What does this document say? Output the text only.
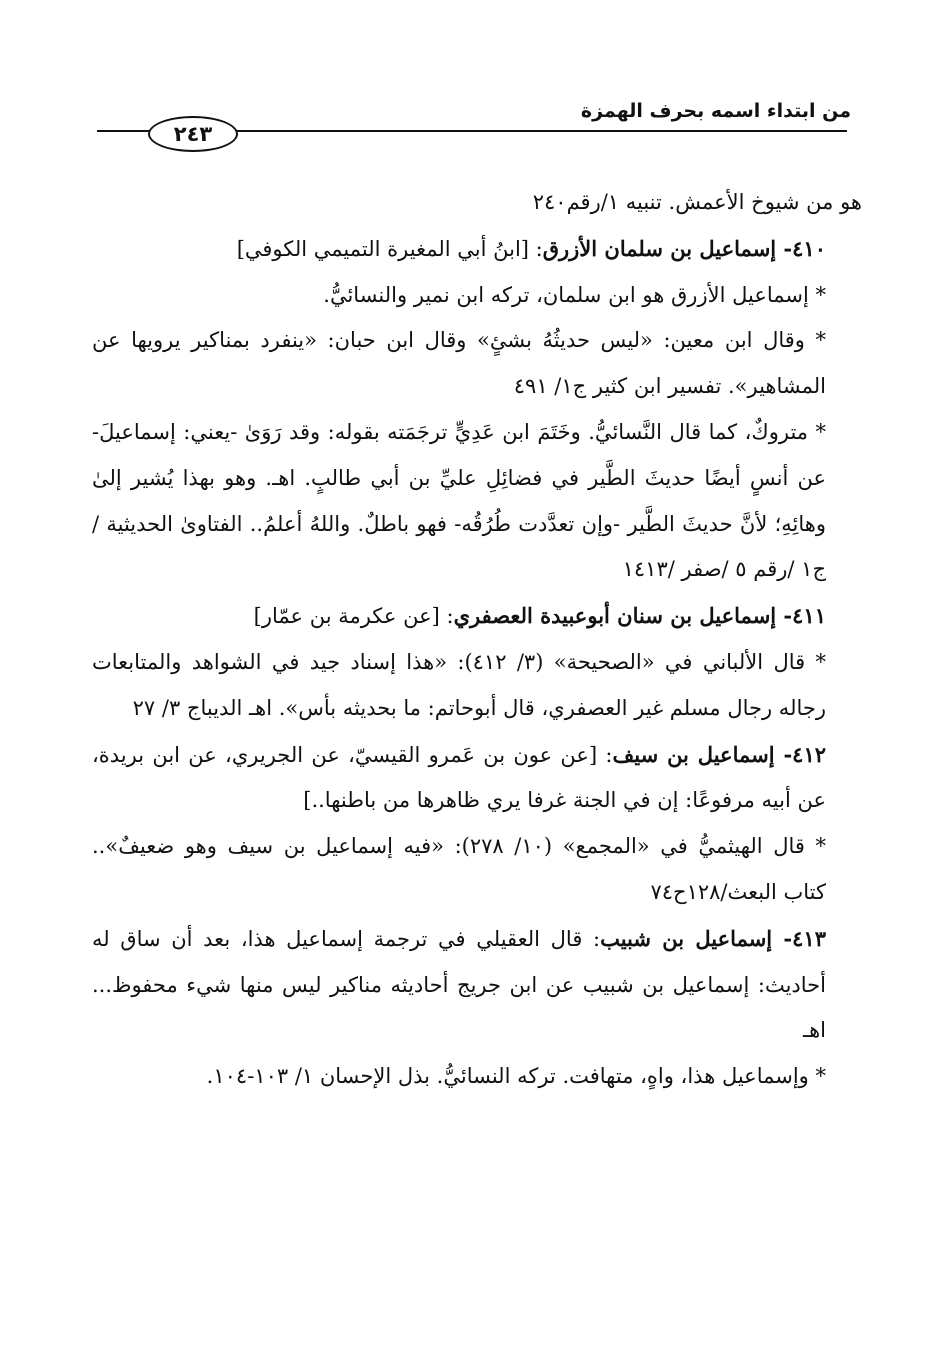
من ابتداء اسمه بحرف الهمزة
٢٤٣

هو من شيوخ الأعمش. تنبيه ١/رقم٢٤٠

٤١٠- إسماعيل بن سلمان الأزرق: [ابنُ أبي المغيرة التميمي الكوفي]

* إسماعيل الأزرق هو ابن سلمان، تركه ابن نمير والنسائيُّ.

* وقال ابن معين: «ليس حديثُهُ بشئٍ» وقال ابن حبان: «ينفرد بمناكير يرويها عن المشاهير». تفسير ابن كثير ج١/ ٤٩١

* متروكٌ، كما قال النَّسائيُّ. وخَتَمَ ابن عَدِيٍّ ترجَمَته بقوله: وقد رَوَىٰ -يعني: إسماعيلَ- عن أنسٍ أيضًا حديثَ الطَّير في فضائِلِ عليِّ بن أبي طالبٍ. اهـ. وهو بهذا يُشير إلىٰ وهائِهِ؛ لأنَّ حديثَ الطَّير -وإن تعدَّدت طُرُقُه- فهو باطلٌ. واللهُ أعلمُ.. الفتاوىٰ الحديثية /ج١ /رقم ٥ /صفر /١٤١٣

٤١١- إسماعيل بن سنان أبوعبيدة العصفري: [عن عكرمة بن عمّار]

* قال الألباني في «الصحيحة» (٣/ ٤١٢): «هذا إسناد جيد في الشواهد والمتابعات رجاله رجال مسلم غير العصفري، قال أبوحاتم: ما بحديثه بأس». اهـ الديباج ٣/ ٢٧

٤١٢- إسماعيل بن سيف: [عن عون بن عَمرو القيسيّ، عن الجريري، عن ابن بريدة، عن أبيه مرفوعًا: إن في الجنة غرفا يري ظاهرها من باطنها..]

* قال الهيثميُّ في «المجمع» (١٠/ ٢٧٨): «فيه إسماعيل بن سيف وهو ضعيفٌ».. كتاب البعث/١٢٨ح٧٤

٤١٣- إسماعيل بن شبيب: قال العقيلي في ترجمة إسماعيل هذا، بعد أن ساق له أحاديث: إسماعيل بن شبيب عن ابن جريج أحاديثه مناكير ليس منها شيء محفوظ... اهـ

* وإسماعيل هذا، واهٍ، متهافت. تركه النسائيُّ. بذل الإحسان ١/ ١٠٣-١٠٤.
